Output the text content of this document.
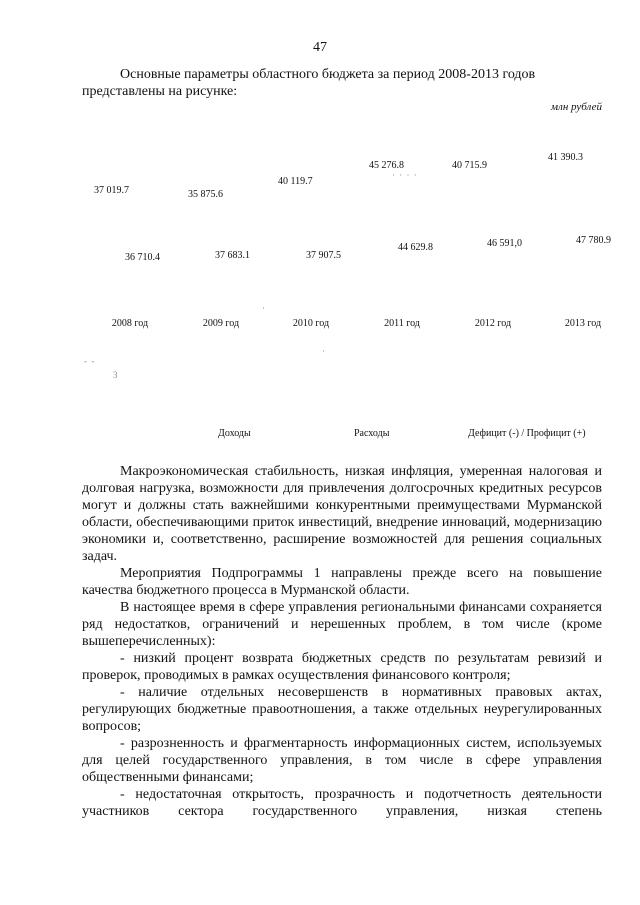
47
Основные параметры областного бюджета за период 2008-2013 годов
представлены на рисунке:
млн рублей
37 019.7	35 875.6
40 119.7
45 276.8	40 715.9
41 390.3
36 710.4	37 683.1	37 907.5
44 629.8	46 591,0	47 780.9
· · · ·
·
·
- -
3
2008 год	2009 год	2010 год	2011 год	2012 год	2013 год
Доходы	Расходы	Дефицит (-) / Профицит (+)

Макроэкономическая стабильность, низкая инфляция, умеренная налоговая и долговая нагрузка, возможности для привлечения долгосрочных кредитных ресурсов могут и должны стать важнейшими конкурентными преимуществами Мурманской области, обеспечивающими приток инвестиций, внедрение инноваций, модернизацию экономики и, соответственно, расширение возможностей для решения социальных задач.

Мероприятия Подпрограммы 1 направлены прежде всего на повышение качества бюджетного процесса в Мурманской области.

В настоящее время в сфере управления региональными финансами сохраняется ряд недостатков, ограничений и нерешенных проблем, в том числе (кроме вышеперечисленных):

- низкий процент возврата бюджетных средств по результатам ревизий и проверок, проводимых в рамках осуществления финансового контроля;

- наличие отдельных несовершенств в нормативных правовых актах, регулирующих бюджетные правоотношения, а также отдельных неурегулированных вопросов;

- разрозненность и фрагментарность информационных систем, используемых для целей государственного управления, в том числе в сфере управления общественными финансами;

- недостаточная открытость, прозрачность и подотчетность деятельности участников сектора государственного управления, низкая степень
